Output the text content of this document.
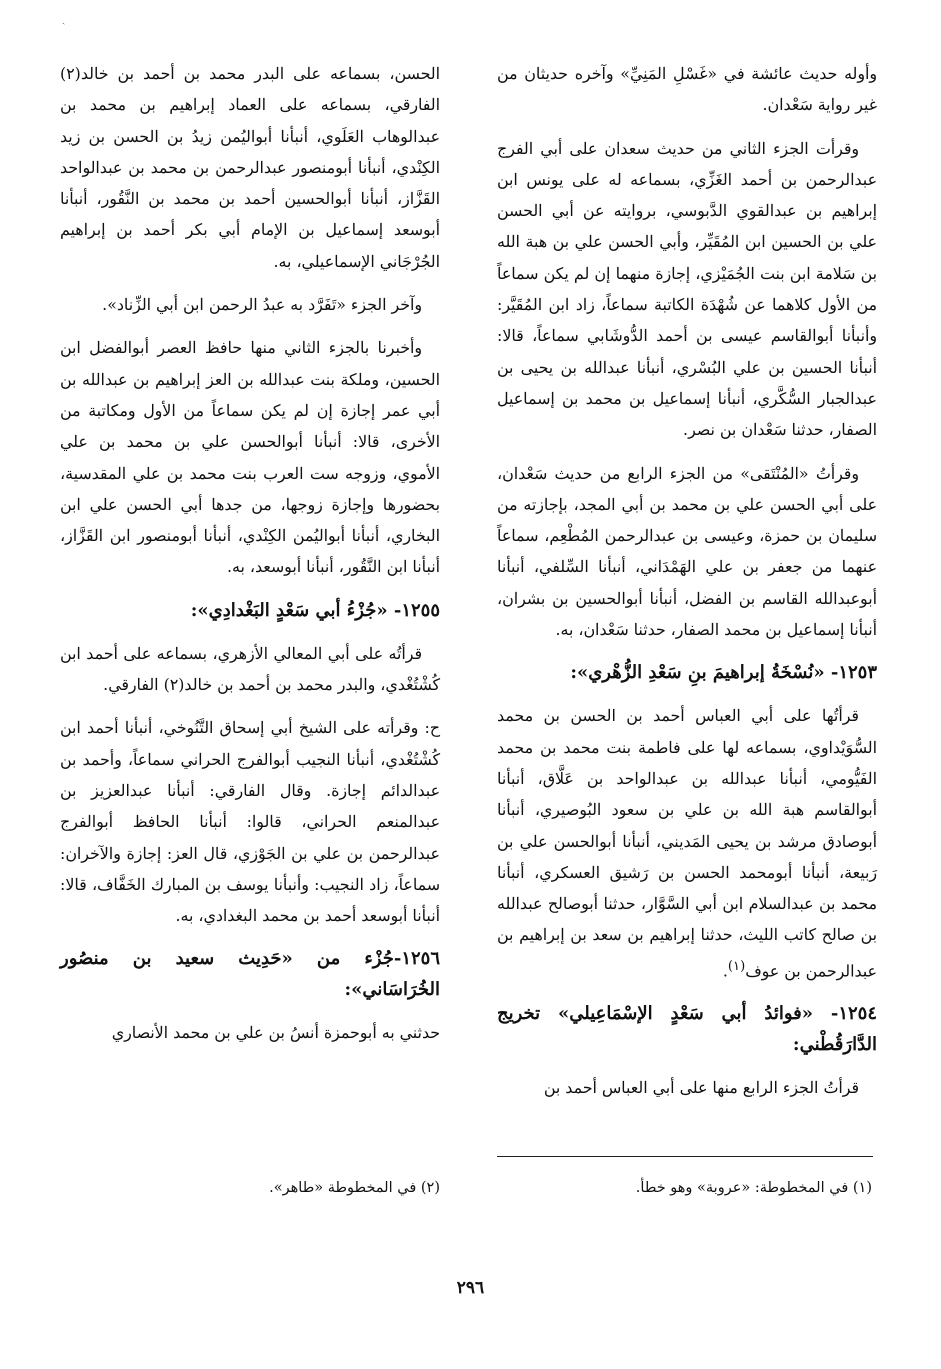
ˎ

وأوله حديث عائشة في «غَسْلِ المَنِيِّ» وآخره حديثان من غير رواية سَعْدان.

وقرأت الجزء الثاني من حديث سعدان على أبي الفرج عبدالرحمن بن أحمد الغَزِّي، بسماعه له على يونس ابن إبراهيم بن عبدالقوي الدَّبوسي، بروايته عن أبي الحسن علي بن الحسين ابن المُقَيِّر، وأبي الحسن علي بن هبة الله بن سَلامة ابن بنت الجُمَيْزي، إجازة منهما إن لم يكن سماعاً من الأول كلاهما عن شُهْدَة الكاتبة سماعاً، زاد ابن المُقَيَّر: وأنبأنا أبوالقاسم عيسى بن أحمد الدُّوشَابي سماعاً، قالا: أنبأنا الحسين بن علي البُسْري، أنبأنا عبدالله بن يحيى بن عبدالجبار السُّكَّري، أنبأنا إسماعيل بن محمد بن إسماعيل الصفار، حدثنا سَعْدان بن نصر.

وقرأتُ «المُنْتَقى» من الجزء الرابع من حديث سَعْدان، على أبي الحسن علي بن محمد بن أبي المجد، بإجازته من سليمان بن حمزة، وعيسى بن عبدالرحمن المُطْعِم، سماعاً عنهما من جعفر بن علي الهَمْدَاني، أنبأنا السِّلفي، أنبأنا أبوعبدالله القاسم بن الفضل، أنبأنا أبوالحسين بن بشران، أنبأنا إسماعيل بن محمد الصفار، حدثنا سَعْدان، به.

١٢٥٣- «نُسْخَةُ إبراهيمَ بنِ سَعْدِ الزُّهْري»:

قرأتُها على أبي العباس أحمد بن الحسن بن محمد السُّوَيْداوي، بسماعه لها على فاطمة بنت محمد بن محمد الفَيُّومي، أنبأنا عبدالله بن عبدالواحد بن عَلَّاق، أنبأنا أبوالقاسم هبة الله بن علي بن سعود البُوصيري، أنبأنا أبوصادق مرشد بن يحيى المَديني، أنبأنا أبوالحسن علي بن رَبيعة، أنبأنا أبومحمد الحسن بن رَشيق العسكري، أنبأنا محمد بن عبدالسلام ابن أبي السَّوَّار، حدثنا أبوصالح عبدالله بن صالح كاتب الليث، حدثنا إبراهيم بن سعد بن إبراهيم بن عبدالرحمن بن عوف$^{(١)}$.

١٢٥٤- «فوائدُ أبي سَعْدٍ الإسْمَاعِيلي» تخريج الدَّارَقُطْني:

قرأتُ الجزء الرابع منها على أبي العباس أحمد بن

الحسن، بسماعه على البدر محمد بن أحمد بن خالد(٢) الفارقي، بسماعه على العماد إبراهيم بن محمد بن عبدالوهاب العَلَوي، أنبأنا أبواليُمن زيدُ بن الحسن بن زيد الكِنْدي، أنبأنا أبومنصور عبدالرحمن بن محمد بن عبدالواحد القَزَّاز، أنبأنا أبوالحسين أحمد بن محمد بن النَّقُور، أنبأنا أبوسعد إسماعيل بن الإمام أبي بكر أحمد بن إبراهيم الجُرْجَاني الإسماعيلي، به.

وآخر الجزء «تَفَرَّد به عبدُ الرحمن ابن أبي الزِّناد».

وأخبرنا بالجزء الثاني منها حافظ العصر أبوالفضل ابن الحسين، وملكة بنت عبدالله بن العز إبراهيم بن عبدالله بن أبي عمر إجازة إن لم يكن سماعاً من الأول ومكاتبة من الأخرى، قالا: أنبأنا أبوالحسن علي بن محمد بن علي الأموي، وزوجه ست العرب بنت محمد بن علي المقدسية، بحضورها وإجازة زوجها، من جدها أبي الحسن علي ابن البخاري، أنبأنا أبواليُمن الكِنْدي، أنبأنا أبومنصور ابن القَزَّاز، أنبأنا ابن النَّقُور، أنبأنا أبوسعد، به.

١٢٥٥- «جُزْءُ أبي سَعْدٍ البَغْدادِي»:

قرأتُه على أبي المعالي الأزهري، بسماعه على أحمد ابن كُشْتُغْدي، والبدر محمد بن أحمد بن خالد(٢) الفارقي.

ح: وقرأته على الشيخ أبي إسحاق التَّنُوخي، أنبأنا أحمد ابن كُشْتُغْدي، أنبأنا النجيب أبوالفرج الحراني سماعاً، وأحمد بن عبدالدائم إجازة. وقال الفارقي: أنبأنا عبدالعزيز بن عبدالمنعم الحراني، قالوا: أنبأنا الحافظ أبوالفرج عبدالرحمن بن علي بن الجَوْزي، قال العز: إجازة والآخران: سماعاً، زاد النجيب: وأنبأنا يوسف بن المبارك الخَفَّاف، قالا: أنبأنا أبوسعد أحمد بن محمد البغدادي، به.

١٢٥٦-جُزْء من «حَدِيث سعيد بن منصُور الخُرَاسَاني»:

حدثني به أبوحمزة أنسُ بن علي بن محمد الأنصاري

(١) في المخطوطة: «عروبة» وهو خطأ.
(٢) في المخطوطة «طاهر».
٢٩٦
